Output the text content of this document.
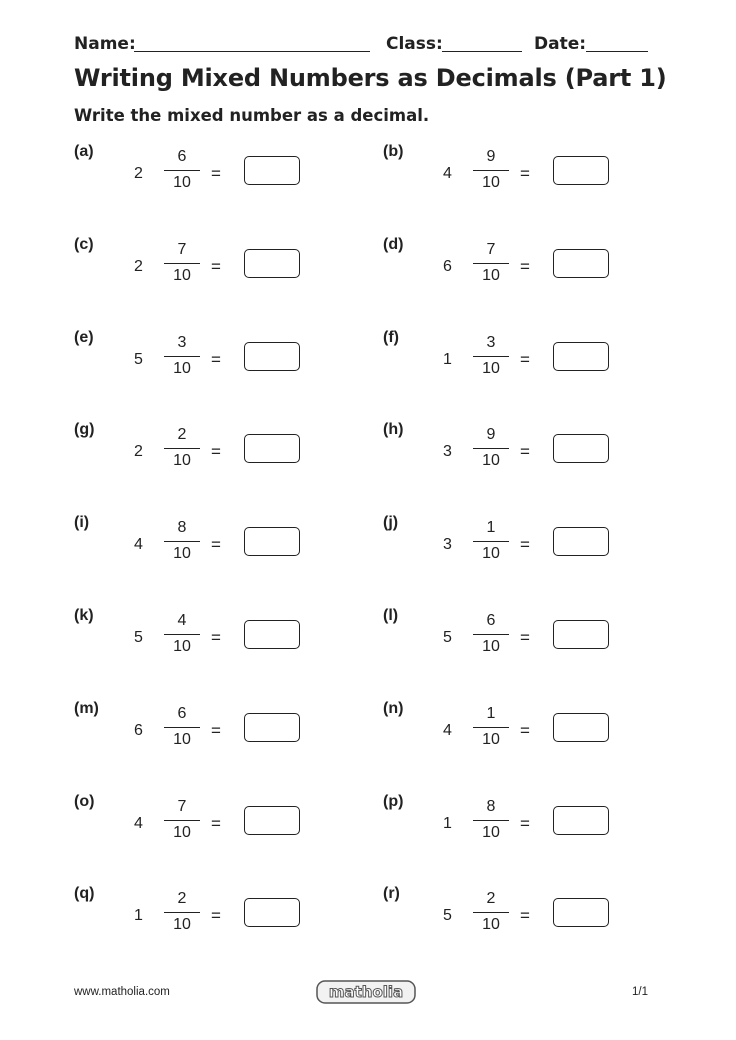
Name:	Class:	Date:
Writing Mixed Numbers as Decimals (Part 1)
Write the mixed number as a decimal.
(a)
2
6
10	=
(b)
4
9
10	=
(c)
2
7
10	=
(d)
6
7
10	=
(e)
5
3
10	=
(f)
1
3
10	=
(g)
2
2
10	=
(h)
3
9
10	=
(i)
4
8
10	=
(j)
3
1
10	=
(k)
5
4
10	=
(l)
5
6
10	=
(m)
6
6
10	=
(n)
4
1
10	=
(o)
4
7
10	=
(p)
1
8
10	=
(q)
1
2
10	=
(r)
5
2
10	=
www.matholia.com	matholia	1/1
